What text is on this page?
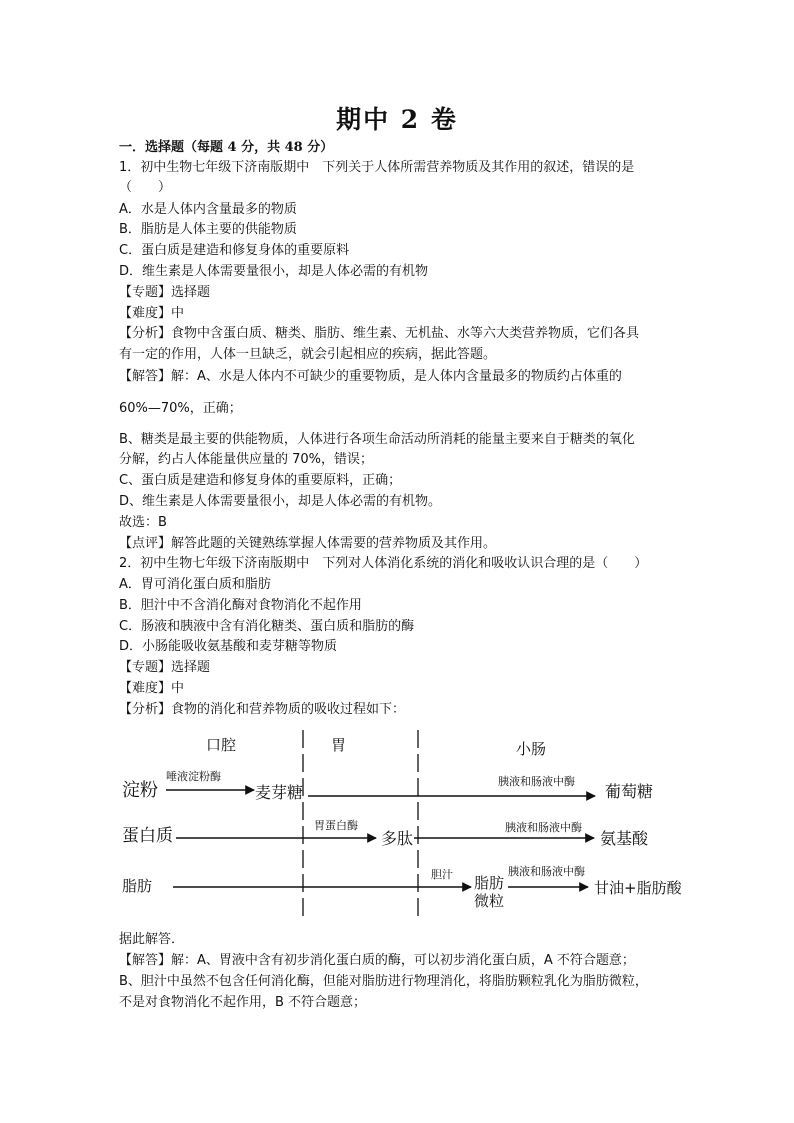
期中 2 卷
一．选择题（每题 4 分，共 48 分）
1．初中生物七年级下济南版期中　下列关于人体所需营养物质及其作用的叙述，错误的是
（　　）
A．水是人体内含量最多的物质
B．脂肪是人体主要的供能物质
C．蛋白质是建造和修复身体的重要原料
D．维生素是人体需要量很小，却是人体必需的有机物
【专题】选择题
【难度】中
【分析】食物中含蛋白质、糖类、脂肪、维生素、无机盐、水等六大类营养物质，它们各具
有一定的作用，人体一旦缺乏，就会引起相应的疾病，据此答题。
【解答】解：A、水是人体内不可缺少的重要物质，是人体内含量最多的物质约占体重的
60%—70%，正确；
B、糖类是最主要的供能物质，人体进行各项生命活动所消耗的能量主要来自于糖类的氧化
分解，约占人体能量供应量的 70%，错误；
C、蛋白质是建造和修复身体的重要原料，正确；
D、维生素是人体需要量很小，却是人体必需的有机物。
故选：B
【点评】解答此题的关键熟练掌握人体需要的营养物质及其作用。
2．初中生物七年级下济南版期中　下列对人体消化系统的消化和吸收认识合理的是（　　）
A．胃可消化蛋白质和脂肪
B．胆汁中不含消化酶对食物消化不起作用
C．肠液和胰液中含有消化糖类、蛋白质和脂肪的酶
D．小肠能吸收氨基酸和麦芽糖等物质
【专题】选择题
【难度】中
【分析】食物的消化和营养物质的吸收过程如下：
口腔	胃	小肠
淀粉
唾液淀粉酶
麦芽糖
胰液和肠液中酶
葡萄糖
蛋白质
胃蛋白酶
多肽
胰液和肠液中酶
氨基酸
脂肪
胆汁 脂肪
微粒
胰液和肠液中酶
甘油+脂肪酸
据此解答．
【解答】解：A、胃液中含有初步消化蛋白质的酶，可以初步消化蛋白质，A 不符合题意；
B、胆汁中虽然不包含任何消化酶，但能对脂肪进行物理消化，将脂肪颗粒乳化为脂肪微粒，
不是对食物消化不起作用，B 不符合题意；
